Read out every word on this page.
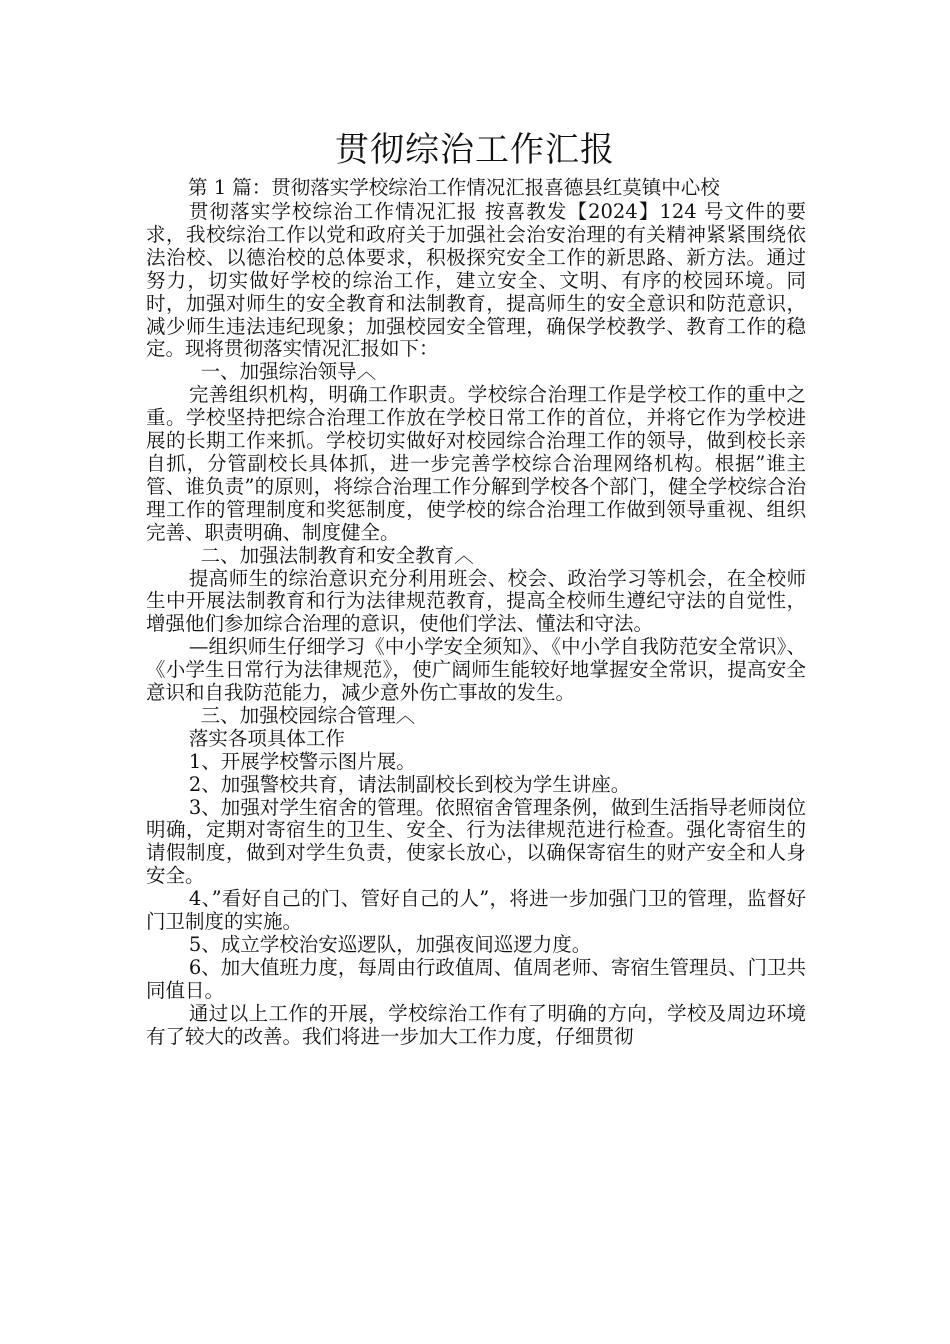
贯彻综治工作汇报

第 1 篇：贯彻落实学校综治工作情况汇报喜德县红莫镇中心校

贯彻落实学校综治工作情况汇报 按喜教发【2024】124 号文件的要求，我校综治工作以党和政府关于加强社会治安治理的有关精神紧紧围绕依法治校、以德治校的总体要求，积极探究安全工作的新思路、新方法。通过努力，切实做好学校的综治工作，建立安全、文明、有序的校园环境。同时，加强对师生的安全教育和法制教育，提高师生的安全意识和防范意识，减少师生违法违纪现象；加强校园安全管理，确保学校教学、教育工作的稳定。现将贯彻落实情况汇报如下：

一、加强综治领导︿

完善组织机构，明确工作职责。学校综合治理工作是学校工作的重中之重。学校坚持把综合治理工作放在学校日常工作的首位，并将它作为学校进展的长期工作来抓。学校切实做好对校园综合治理工作的领导，做到校长亲自抓，分管副校长具体抓，进一步完善学校综合治理网络机构。根据”谁主管、谁负责”的原则，将综合治理工作分解到学校各个部门，健全学校综合治理工作的管理制度和奖惩制度，使学校的综合治理工作做到领导重视、组织完善、职责明确、制度健全。

二、加强法制教育和安全教育︿

提高师生的综治意识充分利用班会、校会、政治学习等机会，在全校师生中开展法制教育和行为法律规范教育，提高全校师生遵纪守法的自觉性，增强他们参加综合治理的意识，使他们学法、懂法和守法。

—组织师生仔细学习《中小学安全须知》、《中小学自我防范安全常识》、《小学生日常行为法律规范》，使广阔师生能较好地掌握安全常识，提高安全意识和自我防范能力，减少意外伤亡事故的发生。

三、加强校园综合管理︿

落实各项具体工作

1、开展学校警示图片展。

2、加强警校共育，请法制副校长到校为学生讲座。

3、加强对学生宿舍的管理。依照宿舍管理条例，做到生活指导老师岗位明确，定期对寄宿生的卫生、安全、行为法律规范进行检查。强化寄宿生的请假制度，做到对学生负责，使家长放心，以确保寄宿生的财产安全和人身安全。

4、”看好自己的门、管好自己的人”，将进一步加强门卫的管理，监督好门卫制度的实施。

5、成立学校治安巡逻队，加强夜间巡逻力度。

6、加大值班力度，每周由行政值周、值周老师、寄宿生管理员、门卫共同值日。

通过以上工作的开展，学校综治工作有了明确的方向，学校及周边环境有了较大的改善。我们将进一步加大工作力度，仔细贯彻
